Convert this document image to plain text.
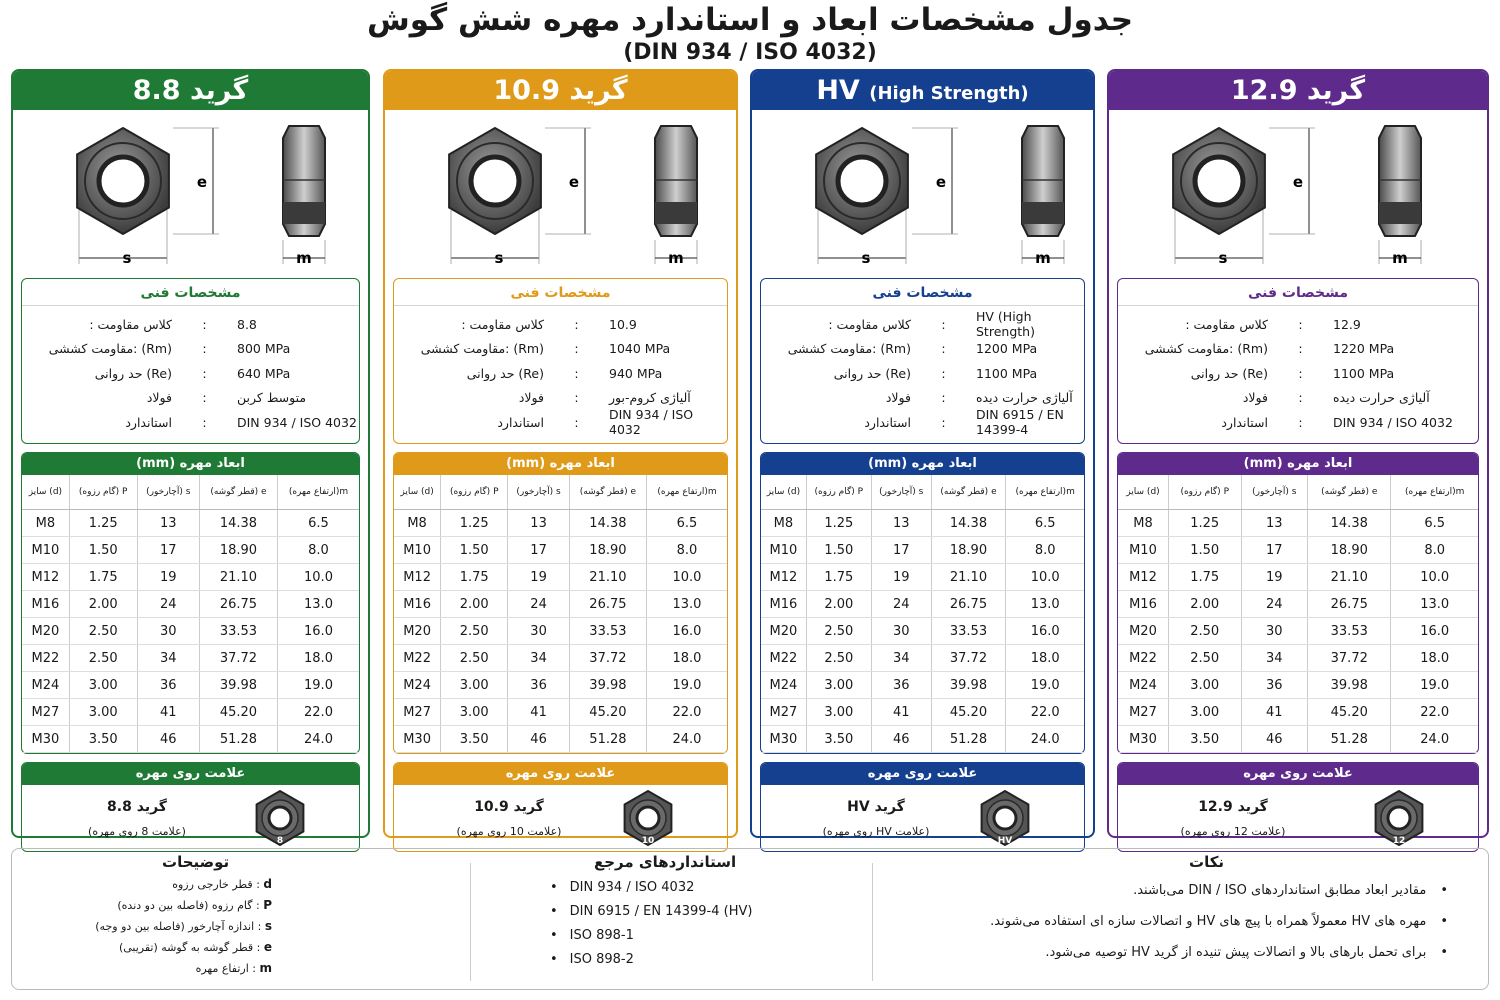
جدول مشخصات ابعاد و استاندارد مهره شش گوش
(DIN 934 / ISO 4032)
گرید 8.8
e
s	m
مشخصات فنی
کلاس مقاومت :	:	8.8
(Rm) :مقاومت کششی	:	800 MPa
(Re) حد روانی	:	640 MPa
فولاد	:	متوسط کربن
استاندارد	:	DIN 934 / ISO 4032
ابعاد مهره (mm)
(d) سایز	P (گام رزوه)	s (آچارخور)	e (قطر گوشه)	m(ارتفاع مهره)
M8	1.25	13	14.38	6.5
M10	1.50	17	18.90	8.0
M12	1.75	19	21.10	10.0
M16	2.00	24	26.75	13.0
M20	2.50	30	33.53	16.0
M22	2.50	34	37.72	18.0
M24	3.00	36	39.98	19.0
M27	3.00	41	45.20	22.0
M30	3.50	46	51.28	24.0
علامت روی مهره
گرید 8.8
(علامت 8 روی مهره)
8
گرید 10.9
e
s	m
مشخصات فنی
کلاس مقاومت :	:	10.9
(Rm) :مقاومت کششی	:	1040 MPa
(Re) حد روانی	:	940 MPa
فولاد	:	آلیاژی کروم-بور
استاندارد	:	DIN 934 / ISO 4032
ابعاد مهره (mm)
(d) سایز	P (گام رزوه)	s (آچارخور)	e (قطر گوشه)	m(ارتفاع مهره)
M8	1.25	13	14.38	6.5
M10	1.50	17	18.90	8.0
M12	1.75	19	21.10	10.0
M16	2.00	24	26.75	13.0
M20	2.50	30	33.53	16.0
M22	2.50	34	37.72	18.0
M24	3.00	36	39.98	19.0
M27	3.00	41	45.20	22.0
M30	3.50	46	51.28	24.0
علامت روی مهره
گرید 10.9
(علامت 10 روی مهره)
10
HV (High Strength)
e
s	m
مشخصات فنی
کلاس مقاومت :	:	HV (High Strength)
(Rm) :مقاومت کششی	:	1200 MPa
(Re) حد روانی	:	1100 MPa
فولاد	:	آلیاژی حرارت دیده
استاندارد	:	DIN 6915 / EN 14399-4
ابعاد مهره (mm)
(d) سایز	P (گام رزوه)	s (آچارخور)	e (قطر گوشه)	m(ارتفاع مهره)
M8	1.25	13	14.38	6.5
M10	1.50	17	18.90	8.0
M12	1.75	19	21.10	10.0
M16	2.00	24	26.75	13.0
M20	2.50	30	33.53	16.0
M22	2.50	34	37.72	18.0
M24	3.00	36	39.98	19.0
M27	3.00	41	45.20	22.0
M30	3.50	46	51.28	24.0
علامت روی مهره
گرید HV
(علامت HV روی مهره)
HV
گرید 12.9
e
s	m
مشخصات فنی
کلاس مقاومت :	:	12.9
(Rm) :مقاومت کششی	:	1220 MPa
(Re) حد روانی	:	1100 MPa
فولاد	:	آلیاژی حرارت دیده
استاندارد	:	DIN 934 / ISO 4032
ابعاد مهره (mm)
(d) سایز	P (گام رزوه)	s (آچارخور)	e (قطر گوشه)	m(ارتفاع مهره)
M8	1.25	13	14.38	6.5
M10	1.50	17	18.90	8.0
M12	1.75	19	21.10	10.0
M16	2.00	24	26.75	13.0
M20	2.50	30	33.53	16.0
M22	2.50	34	37.72	18.0
M24	3.00	36	39.98	19.0
M27	3.00	41	45.20	22.0
M30	3.50	46	51.28	24.0
علامت روی مهره
گرید 12.9
(علامت 12 روی مهره)
12
توضیحات
d : قطر خارجی رزوه
P : گام رزوه (فاصله بین دو دنده)
s : اندازه آچارخور (فاصله بین دو وجه)
e : قطر گوشه به گوشه (تقریبی)
m : ارتفاع مهره
استانداردهای مرجع
• DIN 934 / ISO 4032
• DIN 6915 / EN 14399-4 (HV)
• ISO 898-1
• ISO 898-2
نکات
•مقادیر ابعاد مطابق استانداردهای DIN / ISO می‌باشند.
•مهره های HV معمولاً همراه با پیچ های HV و اتصالات سازه ای استفاده می‌شوند.
•برای تحمل بارهای بالا و اتصالات پیش تنیده از گرید HV توصیه می‌شود.
